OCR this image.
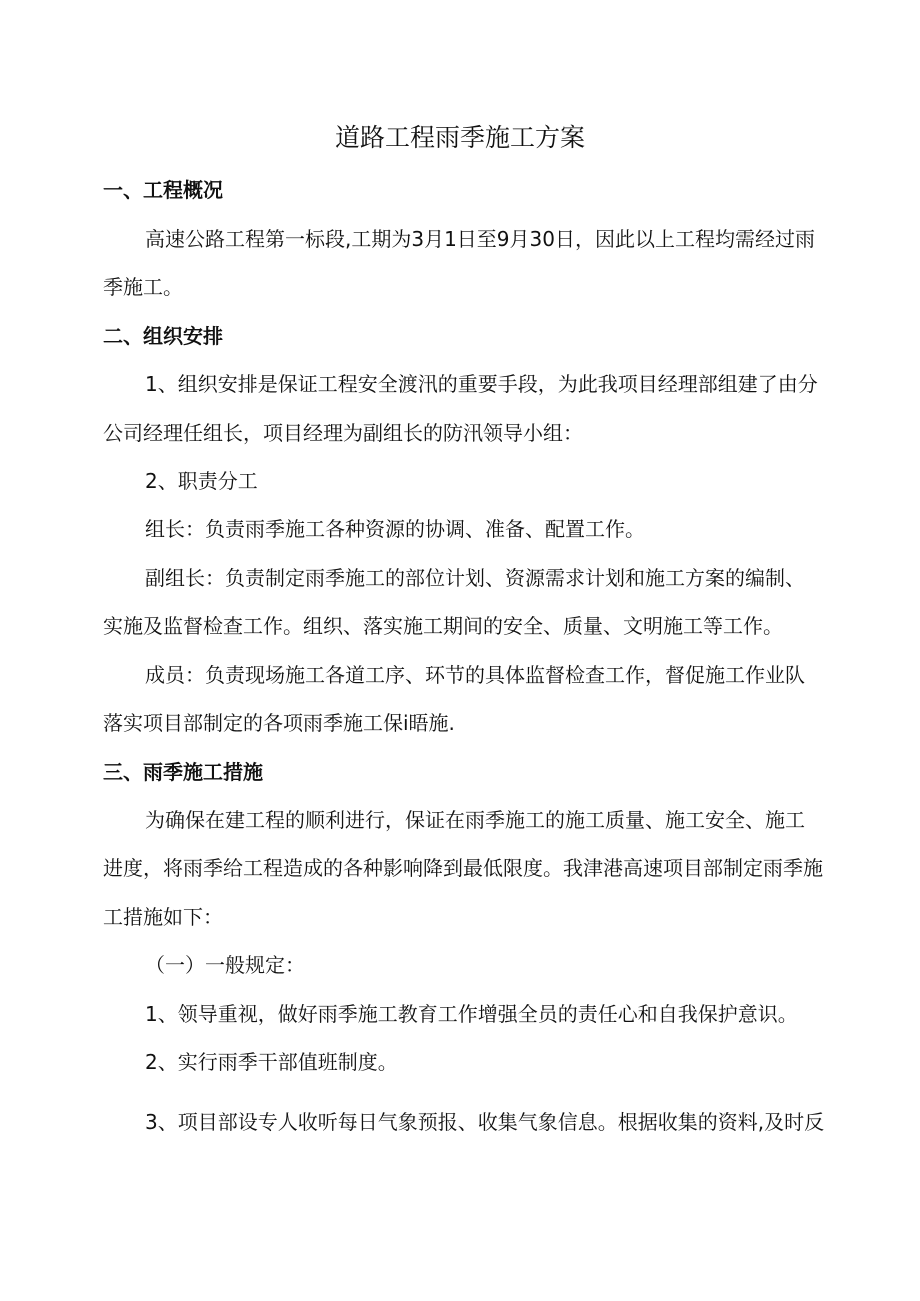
道路工程雨季施工方案
一、工程概况
高速公路工程第一标段,工期为3月1日至9月30日，因此以上工程均需经过雨
季施工。
二、组织安排
1、组织安排是保证工程安全渡汛的重要手段，为此我项目经理部组建了由分
公司经理任组长，项目经理为副组长的防汛领导小组：
2、职责分工
组长：负责雨季施工各种资源的协调、准备、配置工作。
副组长：负责制定雨季施工的部位计划、资源需求计划和施工方案的编制、
实施及监督检查工作。组织、落实施工期间的安全、质量、文明施工等工作。
成员：负责现场施工各道工序、环节的具体监督检查工作，督促施工作业队
落实项目部制定的各项雨季施工保i晤施.
三、雨季施工措施
为确保在建工程的顺利进行，保证在雨季施工的施工质量、施工安全、施工
进度，将雨季给工程造成的各种影响降到最低限度。我津港高速项目部制定雨季施
工措施如下：
（一）一般规定：
1、领导重视，做好雨季施工教育工作增强全员的责任心和自我保护意识。
2、实行雨季干部值班制度。
3、项目部设专人收听每日气象预报、收集气象信息。根据收集的资料,及时反
